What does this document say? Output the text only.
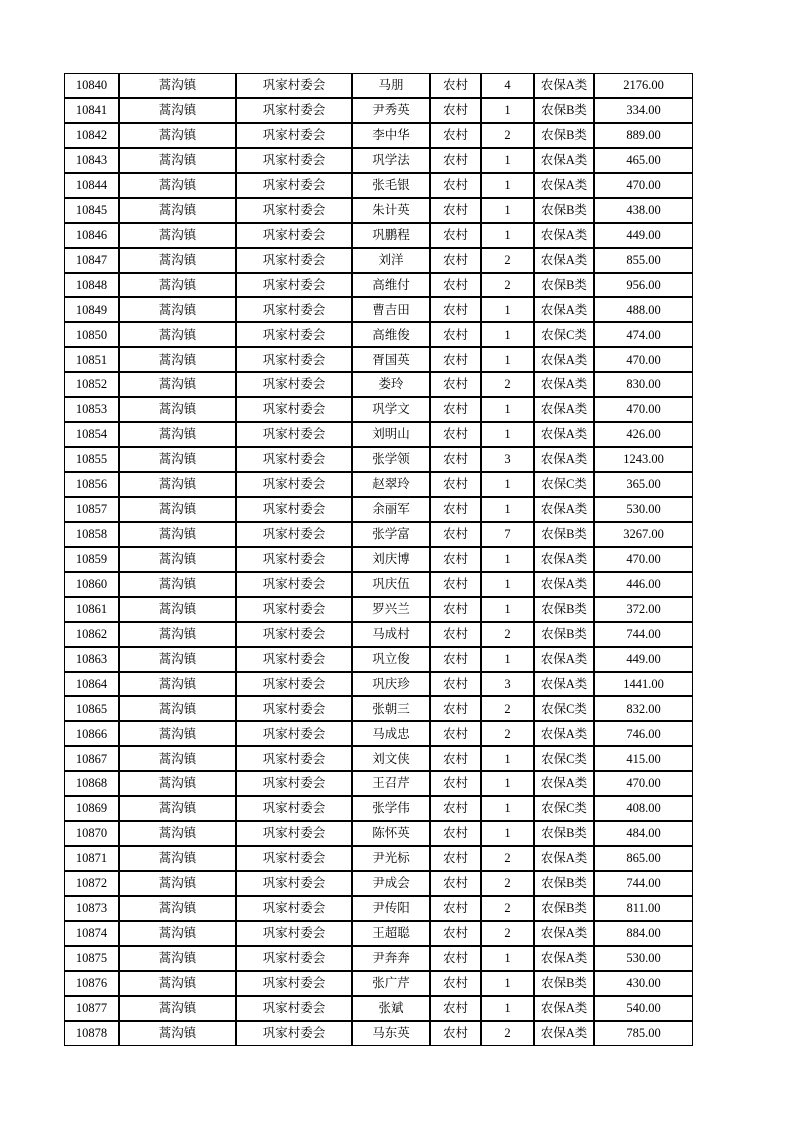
10840	蒿沟镇	巩家村委会	马朋	农村	4	农保A类	2176.00
10841	蒿沟镇	巩家村委会	尹秀英	农村	1	农保B类	334.00
10842	蒿沟镇	巩家村委会	李中华	农村	2	农保B类	889.00
10843	蒿沟镇	巩家村委会	巩学法	农村	1	农保A类	465.00
10844	蒿沟镇	巩家村委会	张毛银	农村	1	农保A类	470.00
10845	蒿沟镇	巩家村委会	朱计英	农村	1	农保B类	438.00
10846	蒿沟镇	巩家村委会	巩鹏程	农村	1	农保A类	449.00
10847	蒿沟镇	巩家村委会	刘洋	农村	2	农保A类	855.00
10848	蒿沟镇	巩家村委会	高维付	农村	2	农保B类	956.00
10849	蒿沟镇	巩家村委会	曹吉田	农村	1	农保A类	488.00
10850	蒿沟镇	巩家村委会	高维俊	农村	1	农保C类	474.00
10851	蒿沟镇	巩家村委会	胥国英	农村	1	农保A类	470.00
10852	蒿沟镇	巩家村委会	娄玲	农村	2	农保A类	830.00
10853	蒿沟镇	巩家村委会	巩学文	农村	1	农保A类	470.00
10854	蒿沟镇	巩家村委会	刘明山	农村	1	农保A类	426.00
10855	蒿沟镇	巩家村委会	张学领	农村	3	农保A类	1243.00
10856	蒿沟镇	巩家村委会	赵翠玲	农村	1	农保C类	365.00
10857	蒿沟镇	巩家村委会	余丽军	农村	1	农保A类	530.00
10858	蒿沟镇	巩家村委会	张学富	农村	7	农保B类	3267.00
10859	蒿沟镇	巩家村委会	刘庆博	农村	1	农保A类	470.00
10860	蒿沟镇	巩家村委会	巩庆伍	农村	1	农保A类	446.00
10861	蒿沟镇	巩家村委会	罗兴兰	农村	1	农保B类	372.00
10862	蒿沟镇	巩家村委会	马成村	农村	2	农保B类	744.00
10863	蒿沟镇	巩家村委会	巩立俊	农村	1	农保A类	449.00
10864	蒿沟镇	巩家村委会	巩庆珍	农村	3	农保A类	1441.00
10865	蒿沟镇	巩家村委会	张朝三	农村	2	农保C类	832.00
10866	蒿沟镇	巩家村委会	马成忠	农村	2	农保A类	746.00
10867	蒿沟镇	巩家村委会	刘文侠	农村	1	农保C类	415.00
10868	蒿沟镇	巩家村委会	王召芹	农村	1	农保A类	470.00
10869	蒿沟镇	巩家村委会	张学伟	农村	1	农保C类	408.00
10870	蒿沟镇	巩家村委会	陈怀英	农村	1	农保B类	484.00
10871	蒿沟镇	巩家村委会	尹光标	农村	2	农保A类	865.00
10872	蒿沟镇	巩家村委会	尹成会	农村	2	农保B类	744.00
10873	蒿沟镇	巩家村委会	尹传阳	农村	2	农保B类	811.00
10874	蒿沟镇	巩家村委会	王超聪	农村	2	农保A类	884.00
10875	蒿沟镇	巩家村委会	尹奔奔	农村	1	农保A类	530.00
10876	蒿沟镇	巩家村委会	张广芹	农村	1	农保B类	430.00
10877	蒿沟镇	巩家村委会	张斌	农村	1	农保A类	540.00
10878	蒿沟镇	巩家村委会	马东英	农村	2	农保A类	785.00
